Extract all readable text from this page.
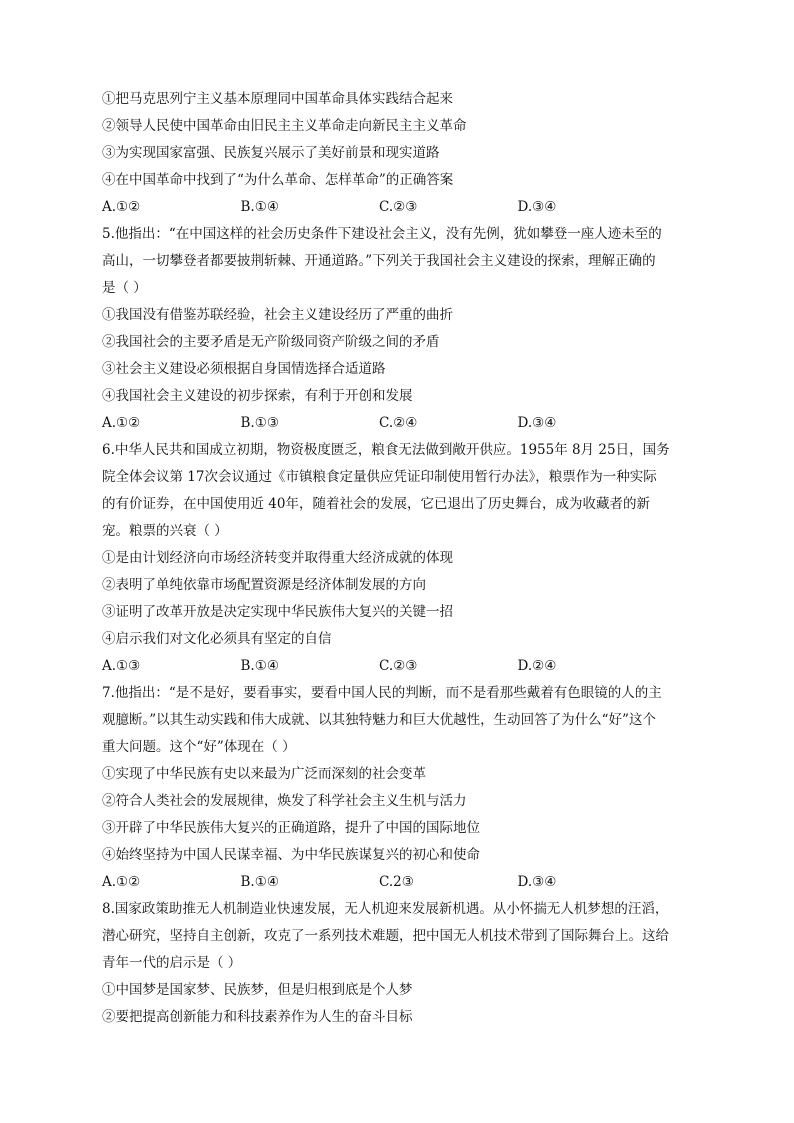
①把马克思列宁主义基本原理同中国革命具体实践结合起来
②领导人民使中国革命由旧民主主义革命走向新民主主义革命
③为实现国家富强、民族复兴展示了美好前景和现实道路
④在中国革命中找到了“为什么革命、怎样革命”的正确答案
A.①②	B.①④	C.②③	D.③④
5.他指出：“在中国这样的社会历史条件下建设社会主义，没有先例，犹如攀登一座人迹未至的
高山，一切攀登者都要披荆斩棘、开通道路。”下列关于我国社会主义建设的探索，理解正确的
是（ ）
①我国没有借鉴苏联经验，社会主义建设经历了严重的曲折
②我国社会的主要矛盾是无产阶级同资产阶级之间的矛盾
③社会主义建设必须根据自身国情选择合适道路
④我国社会主义建设的初步探索，有利于开创和发展
A.①②	B.①③	C.②④	D.③④
6.中华人民共和国成立初期，物资极度匮乏，粮食无法做到敞开供应。1955年 8月 25日，国务
院全体会议第 17次会议通过《市镇粮食定量供应凭证印制使用暂行办法》，粮票作为一种实际
的有价证券，在中国使用近 40年，随着社会的发展，它已退出了历史舞台，成为收藏者的新
宠。粮票的兴衰（ ）
①是由计划经济向市场经济转变并取得重大经济成就的体现
②表明了单纯依靠市场配置资源是经济体制发展的方向
③证明了改革开放是决定实现中华民族伟大复兴的关键一招
④启示我们对文化必须具有坚定的自信
A.①③	B.①④	C.②③	D.②④
7.他指出：“是不是好，要看事实，要看中国人民的判断，而不是看那些戴着有色眼镜的人的主
观臆断。”以其生动实践和伟大成就、以其独特魅力和巨大优越性，生动回答了为什么“好”这个
重大问题。这个“好”体现在（ ）
①实现了中华民族有史以来最为广泛而深刻的社会变革
②符合人类社会的发展规律，焕发了科学社会主义生机与活力
③开辟了中华民族伟大复兴的正确道路，提升了中国的国际地位
④始终坚持为中国人民谋幸福、为中华民族谋复兴的初心和使命
A.①②	B.①④	C.2③	D.③④
8.国家政策助推无人机制造业快速发展，无人机迎来发展新机遇。从小怀揣无人机梦想的汪滔，
潜心研究，坚持自主创新，攻克了一系列技术难题，把中国无人机技术带到了国际舞台上。这给
青年一代的启示是（ ）
①中国梦是国家梦、民族梦，但是归根到底是个人梦
②要把提高创新能力和科技素养作为人生的奋斗目标
